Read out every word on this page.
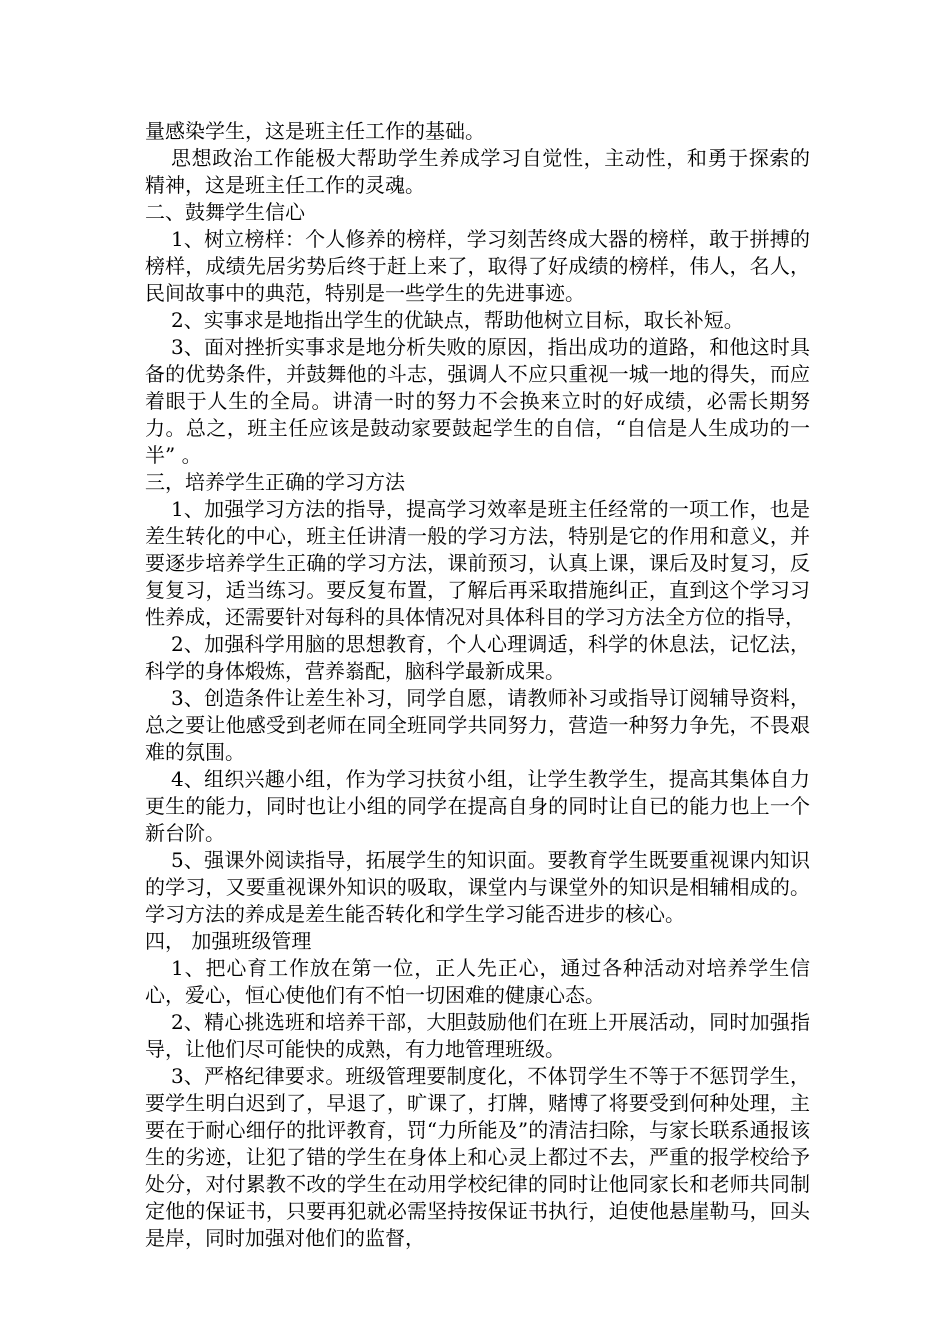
量感染学生，这是班主任工作的基础。

思想政治工作能极大帮助学生养成学习自觉性，主动性，和勇于探索的精神，这是班主任工作的灵魂。

二、鼓舞学生信心

1、树立榜样：个人修养的榜样，学习刻苦终成大器的榜样，敢于拼搏的榜样，成绩先居劣势后终于赶上来了，取得了好成绩的榜样，伟人，名人，民间故事中的典范，特别是一些学生的先进事迹。

2、实事求是地指出学生的优缺点，帮助他树立目标，取长补短。

3、面对挫折实事求是地分析失败的原因，指出成功的道路，和他这时具备的优势条件，并鼓舞他的斗志，强调人不应只重视一城一地的得失，而应着眼于人生的全局。讲清一时的努力不会换来立时的好成绩，必需长期努力。总之，班主任应该是鼓动家要鼓起学生的自信，“自信是人生成功的一半” 。

三，培养学生正确的学习方法

1、加强学习方法的指导，提高学习效率是班主任经常的一项工作，也是差生转化的中心，班主任讲清一般的学习方法，特别是它的作用和意义，并要逐步培养学生正确的学习方法，课前预习，认真上课，课后及时复习，反复复习，适当练习。要反复布置，了解后再采取措施纠正，直到这个学习习性养成，还需要针对每科的具体情况对具体科目的学习方法全方位的指导，

2、加强科学用脑的思想教育，个人心理调适，科学的休息法，记忆法，科学的身体煅炼，营养嵡配，脑科学最新成果。

3、创造条件让差生补习，同学自愿，请教师补习或指导订阅辅导资料，总之要让他感受到老师在同全班同学共同努力，营造一种努力争先，不畏艰难的氛围。

4、组织兴趣小组，作为学习扶贫小组，让学生教学生，提高其集体自力更生的能力，同时也让小组的同学在提高自身的同时让自已的能力也上一个新台阶。

5、强课外阅读指导，拓展学生的知识面。要教育学生既要重视课内知识的学习，又要重视课外知识的吸取，课堂内与课堂外的知识是相辅相成的。学习方法的养成是差生能否转化和学生学习能否进步的核心。

四， 加强班级管理

1、把心育工作放在第一位，正人先正心，通过各种活动对培养学生信心，爱心，恒心使他们有不怕一切困难的健康心态。

2、精心挑选班和培养干部，大胆鼓励他们在班上开展活动，同时加强指导，让他们尽可能快的成熟，有力地管理班级。

3、严格纪律要求。班级管理要制度化，不体罚学生不等于不惩罚学生，要学生明白迟到了，早退了，旷课了，打牌，赌博了将要受到何种处理，主要在于耐心细仔的批评教育，罚“力所能及”的清洁扫除，与家长联系通报该生的劣迹，让犯了错的学生在身体上和心灵上都过不去，严重的报学校给予处分，对付累教不改的学生在动用学校纪律的同时让他同家长和老师共同制定他的保证书，只要再犯就必需坚持按保证书执行，迫使他悬崖勒马，回头是岸，同时加强对他们的监督，
